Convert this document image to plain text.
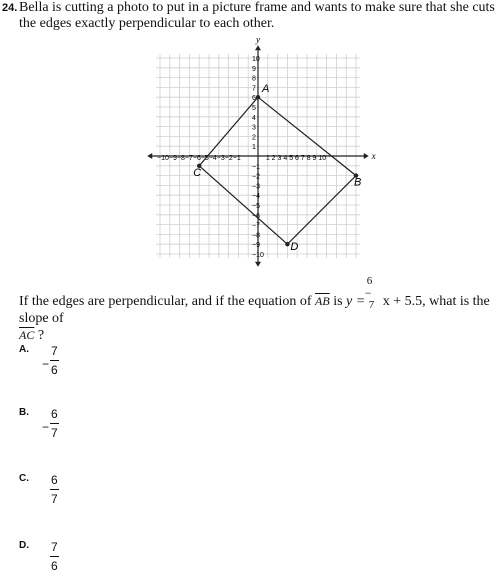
24. Bella is cutting a photo to put in a picture frame and wants to make sure that she cuts the edges exactly perpendicular to each other.
x
y
−10−9−8−7−6−5−4−3−2−1	1 2 3 4 5 6 7 8 9 10
10
9
8
7
6
5
4
3
2
1
−1
−2
−3
−4
−5
−6
−7
−8
−9
−10
A
B
C
D
If the edges are perpendicular, and if the equation of $\overline{AB}$ is y =
6
−
7 x + 5.5, what is the slope of
$\overline{AC}$ ?
A.
−
7
6
B.
−
6
7
C. 6
7
D. 7
6
